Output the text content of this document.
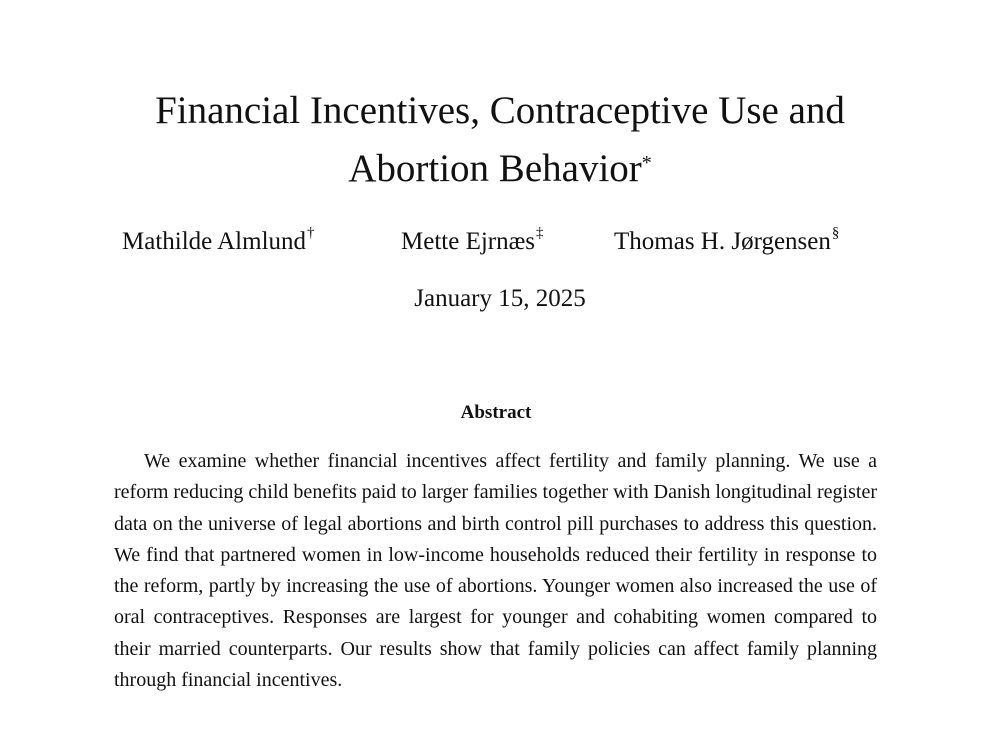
Financial Incentives, Contraceptive Use and
Abortion Behavior*
Mathilde Almlund†	Mette Ejrnæs‡	Thomas H. Jørgensen§
January 15, 2025
Abstract

We examine whether financial incentives affect fertility and family planning. We use a reform reducing child benefits paid to larger families together with Danish longitudinal register data on the universe of legal abortions and birth control pill purchases to address this question. We find that partnered women in low-income households reduced their fertility in response to the reform, partly by increasing the use of abortions. Younger women also increased the use of oral contraceptives. Responses are largest for younger and cohabiting women compared to their married counterparts. Our results show that family policies can affect family planning through financial incentives.
